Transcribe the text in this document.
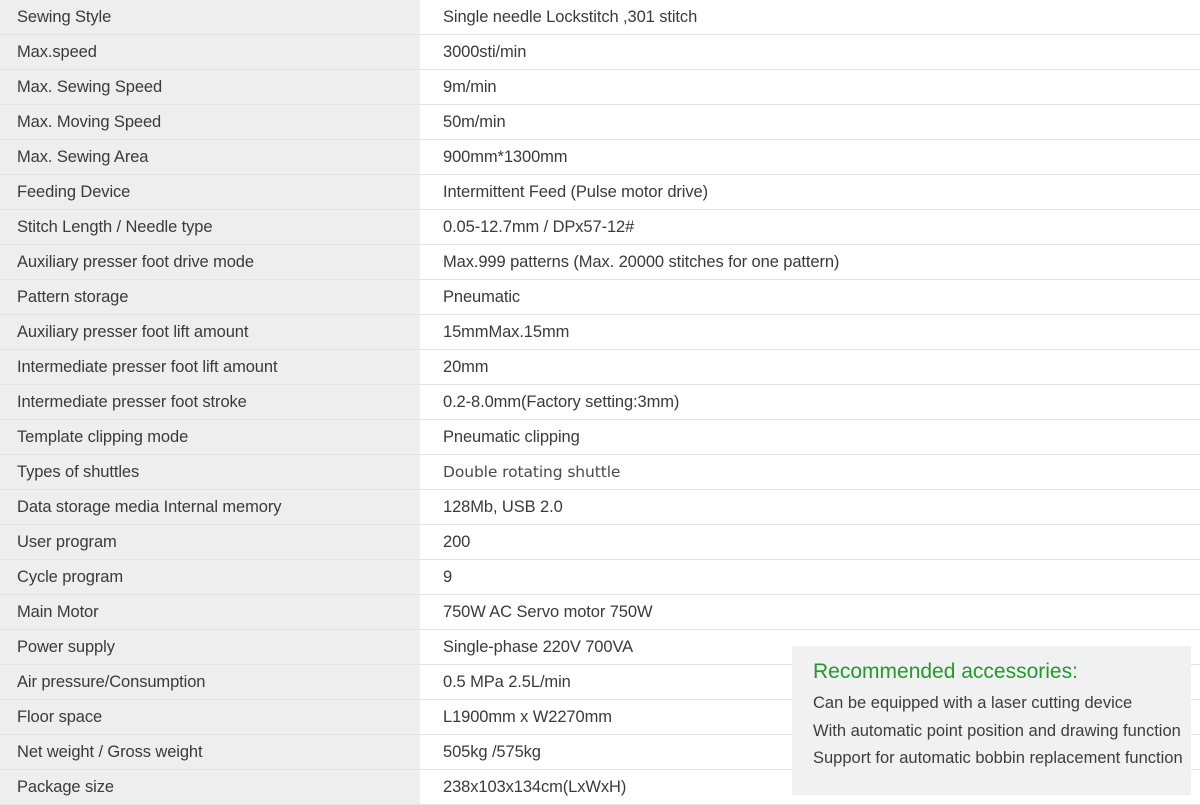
Sewing Style	Single needle Lockstitch ,301 stitch
Max.speed	3000sti/min
Max. Sewing Speed	9m/min
Max. Moving Speed	50m/min
Max. Sewing Area	900mm*1300mm
Feeding Device	Intermittent Feed (Pulse motor drive)
Stitch Length / Needle type	0.05-12.7mm / DPx57-12#
Auxiliary presser foot drive mode	Max.999 patterns (Max. 20000 stitches for one pattern)
Pattern storage	Pneumatic
Auxiliary presser foot lift amount	15mmMax.15mm
Intermediate presser foot lift amount	20mm
Intermediate presser foot stroke	0.2-8.0mm(Factory setting:3mm)
Template clipping mode	Pneumatic clipping
Types of shuttles	Double rotating shuttle
Data storage media Internal memory	128Mb, USB 2.0
User program	200
Cycle program	9
Main Motor	750W AC Servo motor 750W
Power supply	Single-phase 220V 700VA
Air pressure/Consumption	0.5 MPa 2.5L/min
Floor space	L1900mm x W2270mm
Net weight / Gross weight	505kg /575kg
Package size	238x103x134cm(LxWxH)
Recommended accessories:
Can be equipped with a laser cutting device
With automatic point position and drawing function
Support for automatic bobbin replacement function
